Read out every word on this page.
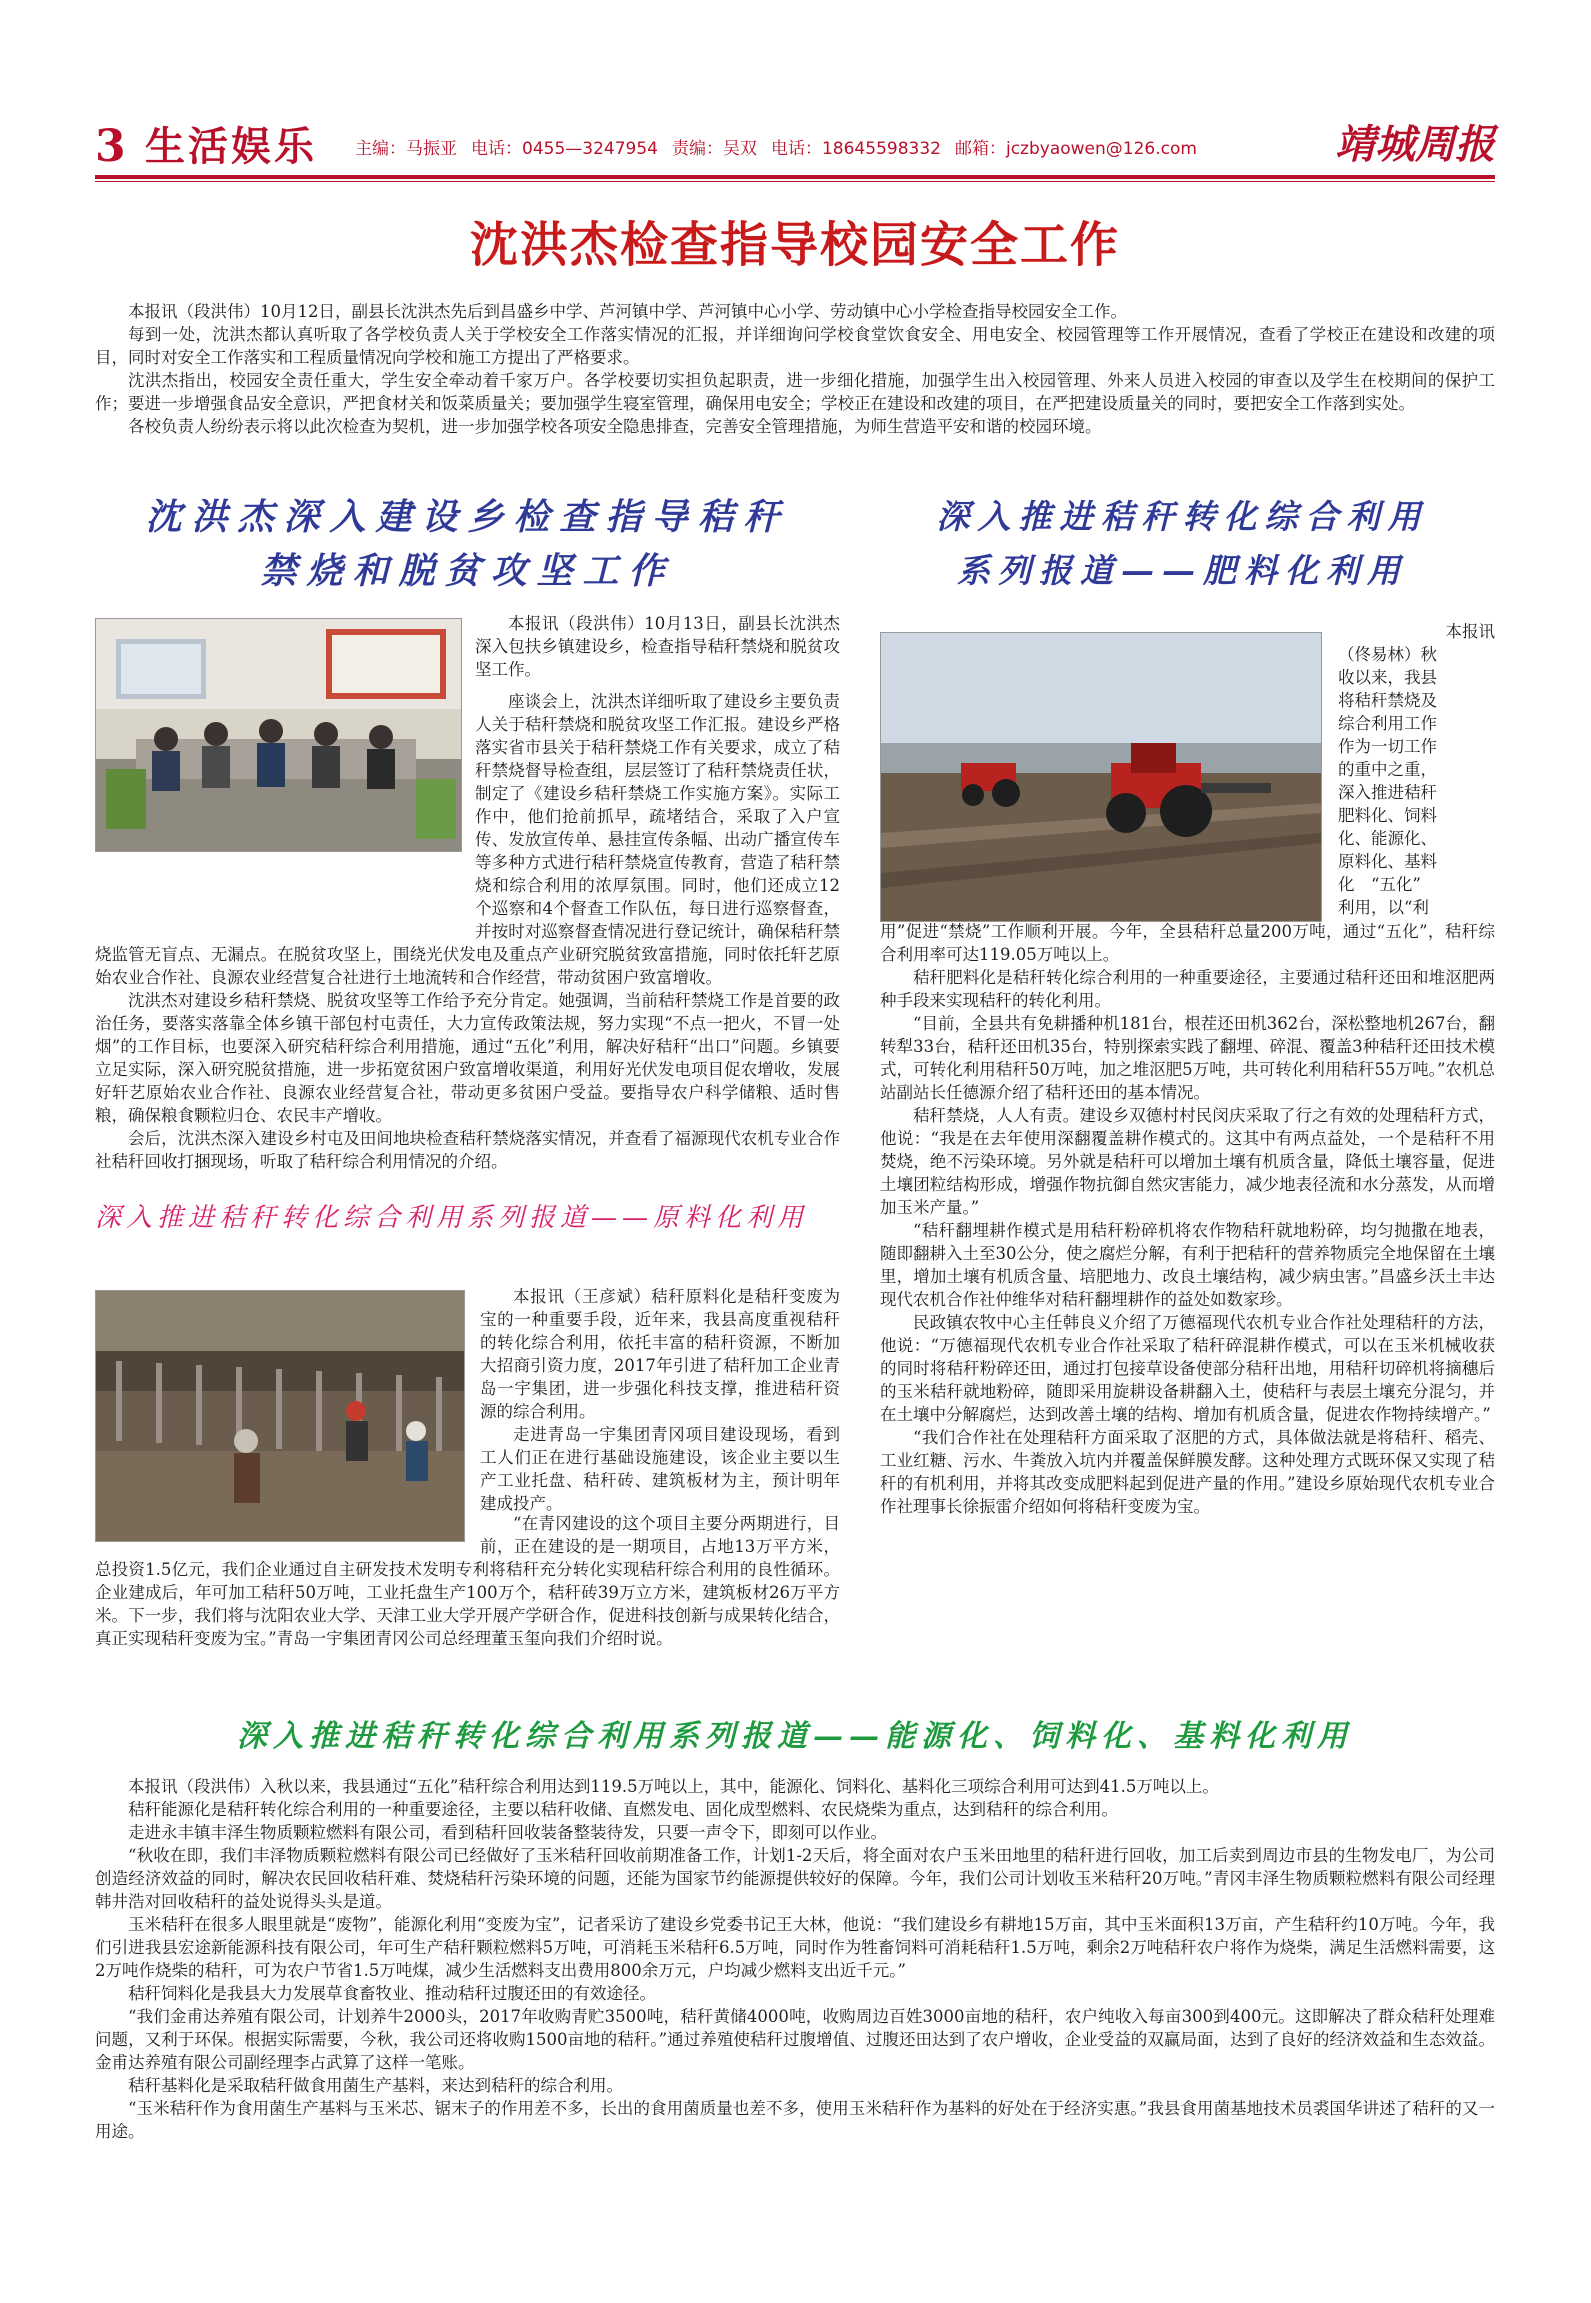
3 生活娱乐 主编：马振亚 电话：0455—3247954 责编：吴双 电话：18645598332 邮箱：jczbyaowen@126.com	靖城周报
沈洪杰检查指导校园安全工作

本报讯（段洪伟）10月12日，副县长沈洪杰先后到昌盛乡中学、芦河镇中学、芦河镇中心小学、劳动镇中心小学检查指导校园安全工作。

每到一处，沈洪杰都认真听取了各学校负责人关于学校安全工作落实情况的汇报，并详细询问学校食堂饮食安全、用电安全、校园管理等工作开展情况，查看了学校正在建设和改建的项目，同时对安全工作落实和工程质量情况向学校和施工方提出了严格要求。

沈洪杰指出，校园安全责任重大，学生安全牵动着千家万户。各学校要切实担负起职责，进一步细化措施，加强学生出入校园管理、外来人员进入校园的审查以及学生在校期间的保护工作；要进一步增强食品安全意识，严把食材关和饭菜质量关；要加强学生寝室管理，确保用电安全；学校正在建设和改建的项目，在严把建设质量关的同时，要把安全工作落到实处。

各校负责人纷纷表示将以此次检查为契机，进一步加强学校各项安全隐患排查，完善安全管理措施，为师生营造平安和谐的校园环境。

沈洪杰深入建设乡检查指导秸秆
禁烧和脱贫攻坚工作

本报讯（段洪伟）10月13日，副县长沈洪杰深入包扶乡镇建设乡，检查指导秸秆禁烧和脱贫攻坚工作。

座谈会上，沈洪杰详细听取了建设乡主要负责人关于秸秆禁烧和脱贫攻坚工作汇报。建设乡严格落实省市县关于秸秆禁烧工作有关要求，成立了秸秆禁烧督导检查组，层层签订了秸秆禁烧责任状，制定了《建设乡秸秆禁烧工作实施方案》。实际工作中，他们抢前抓早，疏堵结合，采取了入户宣传、发放宣传单、悬挂宣传条幅、出动广播宣传车等多种方式进行秸秆禁烧宣传教育，营造了秸秆禁烧和综合利用的浓厚氛围。同时，他们还成立12个巡察和4个督查工作队伍，每日进行巡察督查，并按时对巡察督查情况进行登记统计，确保秸秆禁烧监管无盲点、无漏点。在脱贫攻坚上，围绕光伏发电及重点产业研究脱贫致富措施，同时依托轩艺原始农业合作社、良源农业经营复合社进行土地流转和合作经营，带动贫困户致富增收。

沈洪杰对建设乡秸秆禁烧、脱贫攻坚等工作给予充分肯定。她强调，当前秸秆禁烧工作是首要的政治任务，要落实落靠全体乡镇干部包村屯责任，大力宣传政策法规，努力实现“不点一把火，不冒一处烟”的工作目标，也要深入研究秸秆综合利用措施，通过“五化”利用，解决好秸秆“出口”问题。乡镇要立足实际，深入研究脱贫措施，进一步拓宽贫困户致富增收渠道，利用好光伏发电项目促农增收，发展好轩艺原始农业合作社、良源农业经营复合社，带动更多贫困户受益。要指导农户科学储粮、适时售粮，确保粮食颗粒归仓、农民丰产增收。

会后，沈洪杰深入建设乡村屯及田间地块检查秸秆禁烧落实情况，并查看了福源现代农机专业合作社秸秆回收打捆现场，听取了秸秆综合利用情况的介绍。

深入推进秸秆转化综合利用系列报道——原料化利用

本报讯（王彦斌）秸秆原料化是秸秆变废为宝的一种重要手段，近年来，我县高度重视秸秆的转化综合利用，依托丰富的秸秆资源，不断加大招商引资力度，2017年引进了秸秆加工企业青岛一宇集团，进一步强化科技支撑，推进秸秆资源的综合利用。

走进青岛一宇集团青冈项目建设现场，看到工人们正在进行基础设施建设，该企业主要以生产工业托盘、秸秆砖、建筑板材为主，预计明年建成投产。

“在青冈建设的这个项目主要分两期进行，目前，正在建设的是一期项目，占地13万平方米，总投资1.5亿元，我们企业通过自主研发技术发明专利将秸秆充分转化实现秸秆综合利用的良性循环。企业建成后，年可加工秸秆50万吨，工业托盘生产100万个，秸秆砖39万立方米，建筑板材26万平方米。下一步，我们将与沈阳农业大学、天津工业大学开展产学研合作，促进科技创新与成果转化结合，真正实现秸秆变废为宝。”青岛一宇集团青冈公司总经理董玉玺向我们介绍时说。

深入推进秸秆转化综合利用
系列报道——肥料化利用
本报讯
（佟易林）秋
收以来，我县
将秸秆禁烧及
综合利用工作
作为一切工作
的重中之重，
深入推进秸秆
肥料化、饲料
化、能源化、
原料化、基料
化　“五化”
利用，以“利
用”促进“禁烧”工作顺利开展。今年，全县秸秆总量200万吨，通过“五化”，秸秆综合利用率可达119.05万吨以上。

秸秆肥料化是秸秆转化综合利用的一种重要途径，主要通过秸秆还田和堆沤肥两种手段来实现秸秆的转化利用。

“目前，全县共有免耕播种机181台，根茬还田机362台，深松整地机267台，翻转犁33台，秸秆还田机35台，特别探索实践了翻埋、碎混、覆盖3种秸秆还田技术模式，可转化利用秸秆50万吨，加之堆沤肥5万吨，共可转化利用秸秆55万吨。”农机总站副站长任德源介绍了秸秆还田的基本情况。

秸秆禁烧，人人有责。建设乡双德村村民闵庆采取了行之有效的处理秸秆方式，他说：“我是在去年使用深翻覆盖耕作模式的。这其中有两点益处，一个是秸秆不用焚烧，绝不污染环境。另外就是秸秆可以增加土壤有机质含量，降低土壤容量，促进土壤团粒结构形成，增强作物抗御自然灾害能力，减少地表径流和水分蒸发，从而增加玉米产量。”

“秸秆翻埋耕作模式是用秸秆粉碎机将农作物秸秆就地粉碎，均匀抛撒在地表，随即翻耕入土至30公分，使之腐烂分解，有利于把秸秆的营养物质完全地保留在土壤里，增加土壤有机质含量、培肥地力、改良土壤结构，减少病虫害。”昌盛乡沃土丰达现代农机合作社仲维华对秸秆翻埋耕作的益处如数家珍。

民政镇农牧中心主任韩良义介绍了万德福现代农机专业合作社处理秸秆的方法，他说：“万德福现代农机专业合作社采取了秸秆碎混耕作模式，可以在玉米机械收获的同时将秸秆粉碎还田，通过打包接草设备使部分秸秆出地，用秸秆切碎机将摘穗后的玉米秸秆就地粉碎，随即采用旋耕设备耕翻入土，使秸秆与表层土壤充分混匀，并在土壤中分解腐烂，达到改善土壤的结构、增加有机质含量，促进农作物持续增产。”

“我们合作社在处理秸秆方面采取了沤肥的方式，具体做法就是将秸秆、稻壳、工业红糖、污水、牛粪放入坑内并覆盖保鲜膜发酵。这种处理方式既环保又实现了秸秆的有机利用，并将其改变成肥料起到促进产量的作用。”建设乡原始现代农机专业合作社理事长徐振雷介绍如何将秸秆变废为宝。

深入推进秸秆转化综合利用系列报道——能源化、饲料化、基料化利用

本报讯（段洪伟）入秋以来，我县通过“五化”秸秆综合利用达到119.5万吨以上，其中，能源化、饲料化、基料化三项综合利用可达到41.5万吨以上。

秸秆能源化是秸秆转化综合利用的一种重要途径，主要以秸秆收储、直燃发电、固化成型燃料、农民烧柴为重点，达到秸秆的综合利用。

走进永丰镇丰泽生物质颗粒燃料有限公司，看到秸秆回收装备整装待发，只要一声令下，即刻可以作业。

“秋收在即，我们丰泽物质颗粒燃料有限公司已经做好了玉米秸秆回收前期准备工作，计划1-2天后，将全面对农户玉米田地里的秸秆进行回收，加工后卖到周边市县的生物发电厂，为公司创造经济效益的同时，解决农民回收秸秆难、焚烧秸秆污染环境的问题，还能为国家节约能源提供较好的保障。今年，我们公司计划收玉米秸秆20万吨。”青冈丰泽生物质颗粒燃料有限公司经理韩井浩对回收秸秆的益处说得头头是道。

玉米秸秆在很多人眼里就是“废物”，能源化利用“变废为宝”，记者采访了建设乡党委书记王大林，他说：“我们建设乡有耕地15万亩，其中玉米面积13万亩，产生秸秆约10万吨。今年，我们引进我县宏途新能源科技有限公司，年可生产秸秆颗粒燃料5万吨，可消耗玉米秸秆6.5万吨，同时作为牲畜饲料可消耗秸秆1.5万吨，剩余2万吨秸秆农户将作为烧柴，满足生活燃料需要，这2万吨作烧柴的秸秆，可为农户节省1.5万吨煤，减少生活燃料支出费用800余万元，户均减少燃料支出近千元。”

秸秆饲料化是我县大力发展草食畜牧业、推动秸秆过腹还田的有效途径。

“我们金甫达养殖有限公司，计划养牛2000头，2017年收购青贮3500吨，秸秆黄储4000吨，收购周边百姓3000亩地的秸秆，农户纯收入每亩300到400元。这即解决了群众秸秆处理难问题，又利于环保。根据实际需要，今秋，我公司还将收购1500亩地的秸秆。”通过养殖使秸秆过腹增值、过腹还田达到了农户增收，企业受益的双赢局面，达到了良好的经济效益和生态效益。金甫达养殖有限公司副经理李占武算了这样一笔账。

秸秆基料化是采取秸秆做食用菌生产基料，来达到秸秆的综合利用。

“玉米秸秆作为食用菌生产基料与玉米芯、锯末子的作用差不多，长出的食用菌质量也差不多，使用玉米秸秆作为基料的好处在于经济实惠。”我县食用菌基地技术员裘国华讲述了秸秆的又一用途。
